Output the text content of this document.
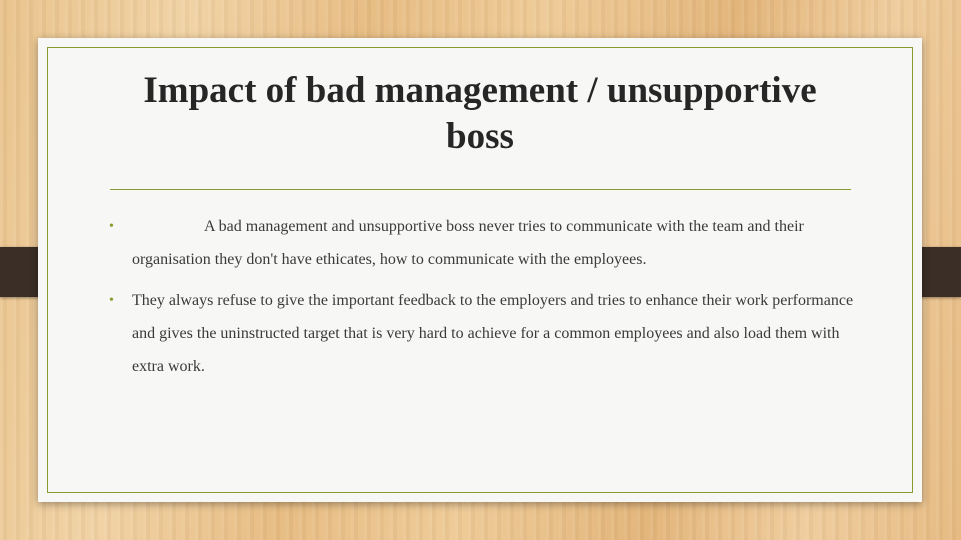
Impact of bad management / unsupportive boss
•	A bad management and unsupportive boss never tries to communicate with the team and their organisation they don't have ethicates, how to communicate with the employees.
• They always refuse to give the important feedback to the employers and tries to enhance their work performance and gives the uninstructed target that is very hard to achieve for a common employees and also load them with extra work.
